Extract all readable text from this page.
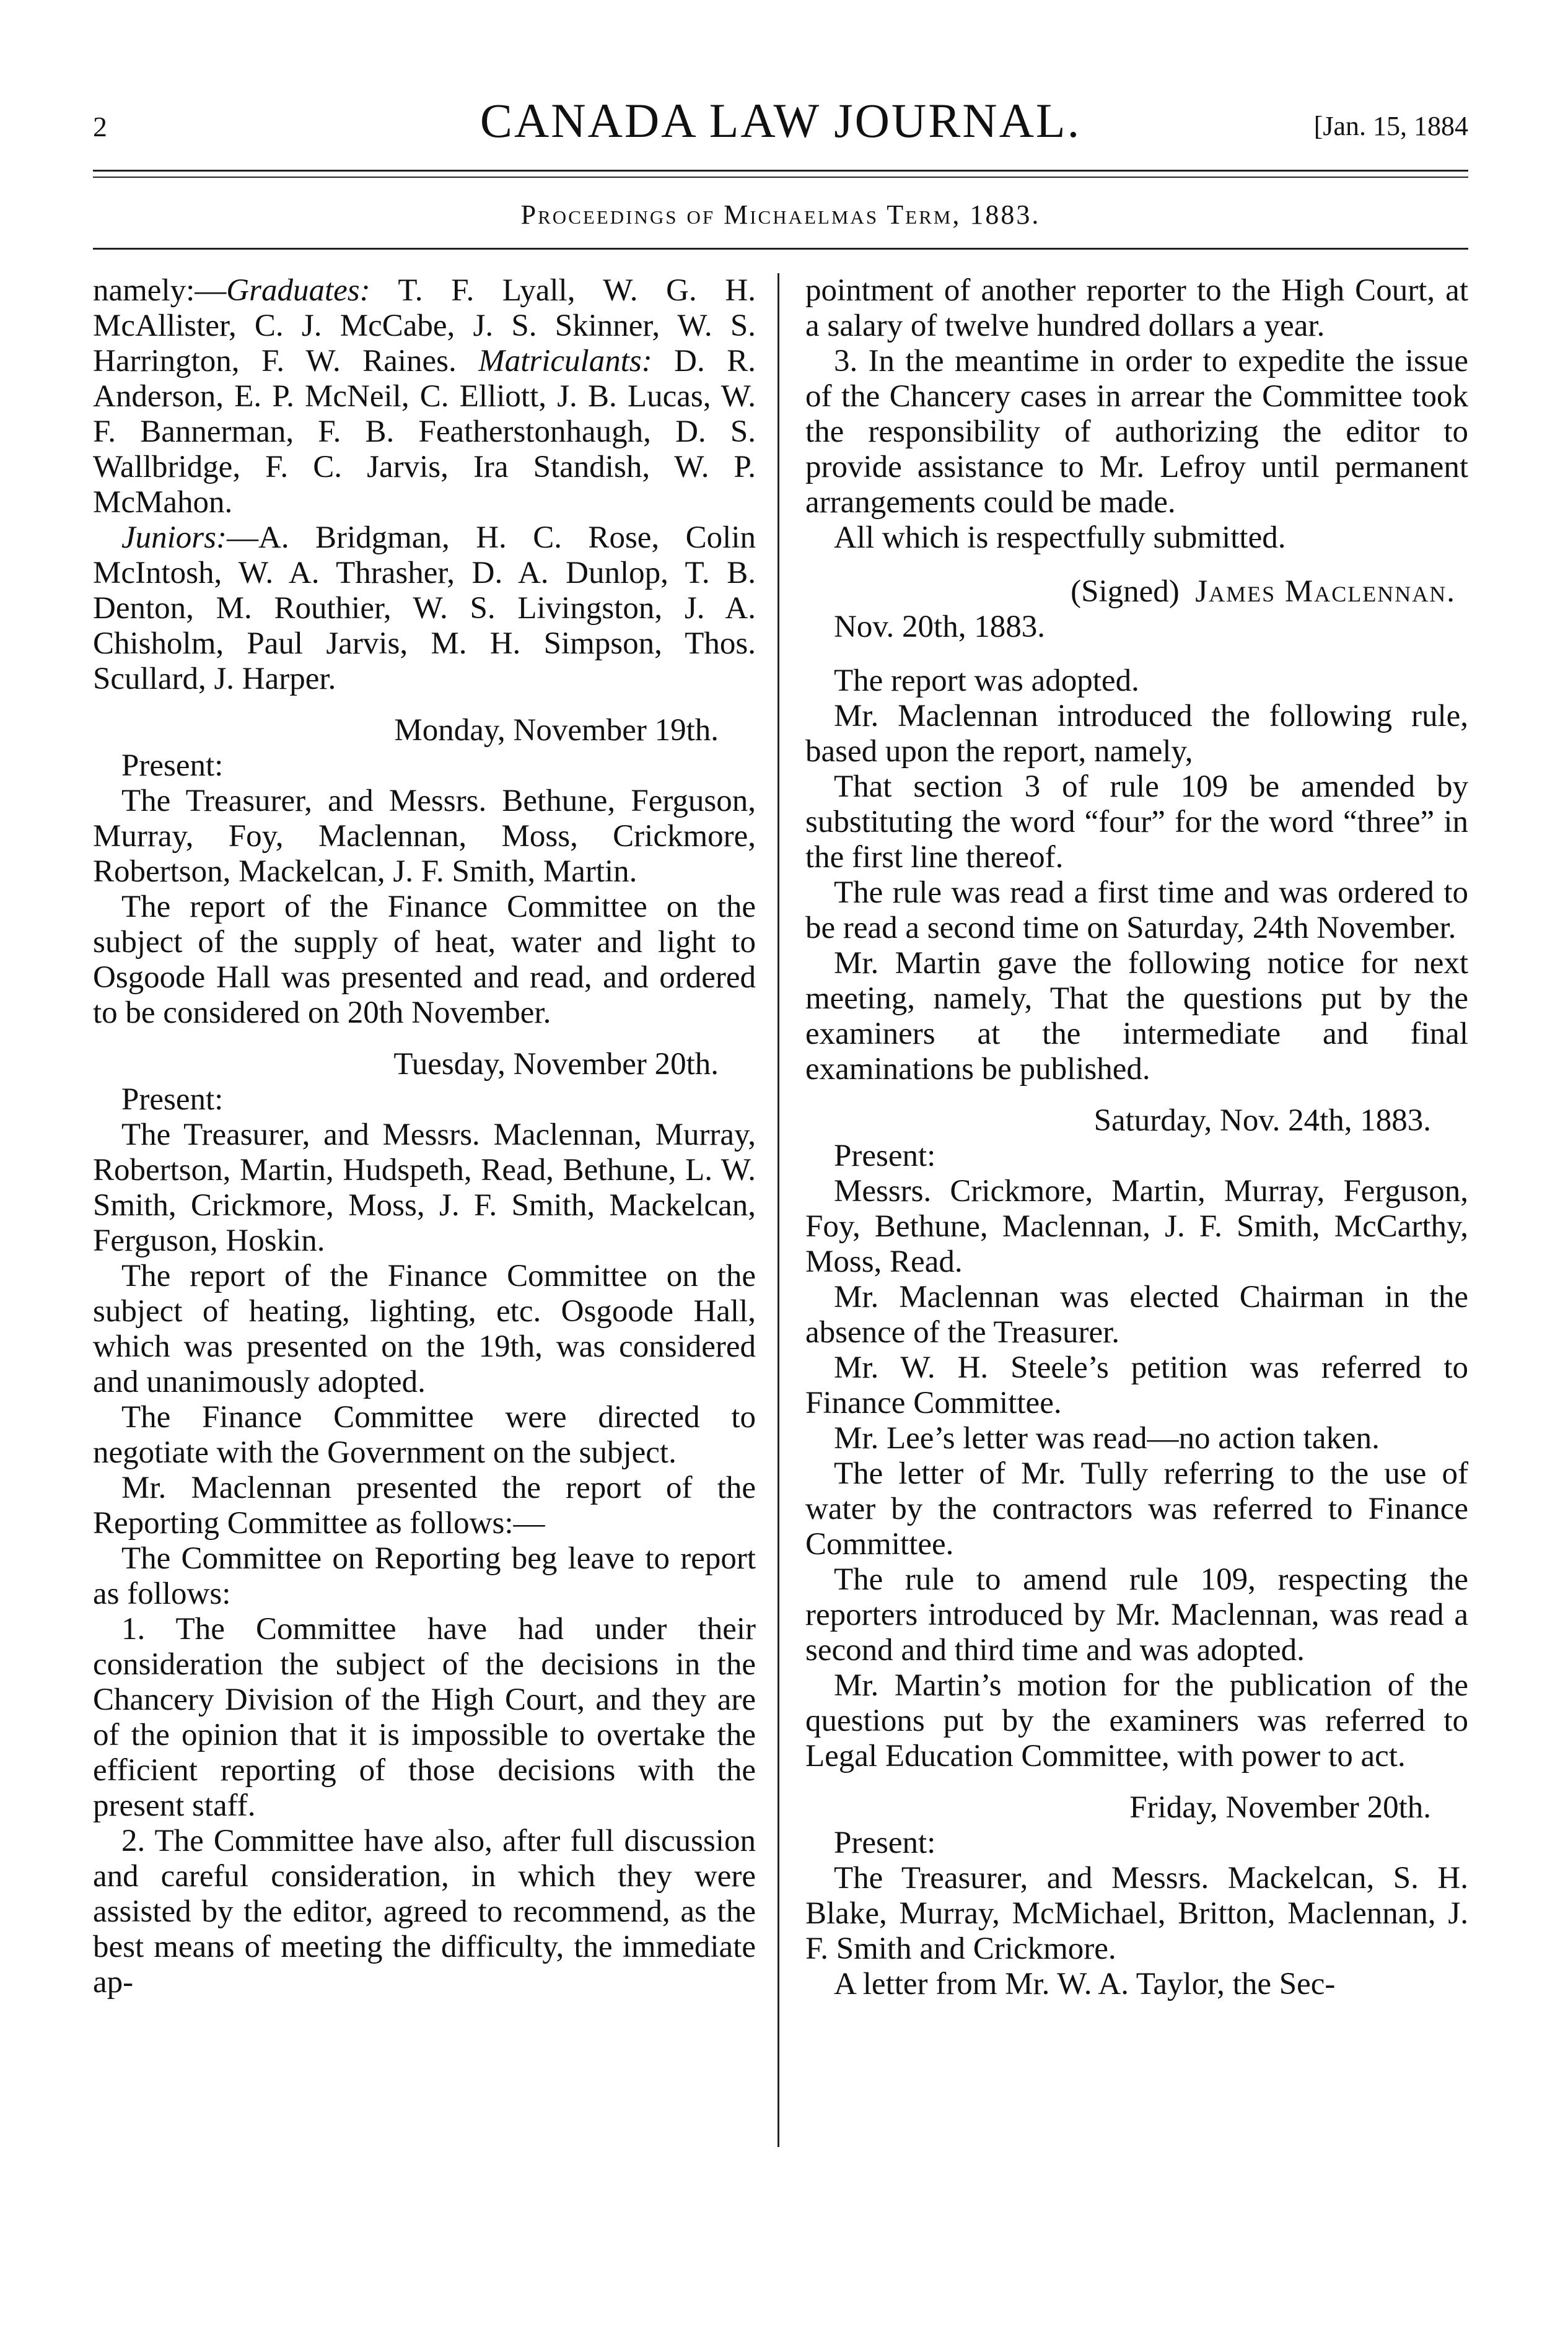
2	CANADA LAW JOURNAL.	[Jan. 15, 1884
Proceedings of Michaelmas Term, 1883.

namely:—Graduates: T. F. Lyall, W. G. H. McAllister, C. J. McCabe, J. S. Skinner, W. S. Harrington, F. W. Raines. Matriculants: D. R. Anderson, E. P. McNeil, C. Elliott, J. B. Lucas, W. F. Bannerman, F. B. Featherstonhaugh, D. S. Wallbridge, F. C. Jarvis, Ira Standish, W. P. McMahon.

Juniors:—A. Bridgman, H. C. Rose, Colin McIntosh, W. A. Thrasher, D. A. Dunlop, T. B. Denton, M. Routhier, W. S. Livingston, J. A. Chisholm, Paul Jarvis, M. H. Simpson, Thos. Scullard, J. Harper.

Monday, November 19th.

Present:

The Treasurer, and Messrs. Bethune, Ferguson, Murray, Foy, Maclennan, Moss, Crickmore, Robertson, Mackelcan, J. F. Smith, Martin.

The report of the Finance Committee on the subject of the supply of heat, water and light to Osgoode Hall was presented and read, and ordered to be considered on 20th November.

Tuesday, November 20th.

Present:

The Treasurer, and Messrs. Maclennan, Murray, Robertson, Martin, Hudspeth, Read, Bethune, L. W. Smith, Crickmore, Moss, J. F. Smith, Mackelcan, Ferguson, Hoskin.

The report of the Finance Committee on the subject of heating, lighting, etc. Osgoode Hall, which was presented on the 19th, was considered and unanimously adopted.

The Finance Committee were directed to negotiate with the Government on the subject.

Mr. Maclennan presented the report of the Reporting Committee as follows:—

The Committee on Reporting beg leave to report as follows:

1. The Committee have had under their consideration the subject of the decisions in the Chancery Division of the High Court, and they are of the opinion that it is impossible to overtake the efficient reporting of those decisions with the present staff.

2. The Committee have also, after full discussion and careful consideration, in which they were assisted by the editor, agreed to recommend, as the best means of meeting the difficulty, the immediate ap-

pointment of another reporter to the High Court, at a salary of twelve hundred dollars a year.

3. In the meantime in order to expedite the issue of the Chancery cases in arrear the Committee took the responsibility of authorizing the editor to provide assistance to Mr. Lefroy until permanent arrangements could be made.

All which is respectfully submitted.

(Signed) James Maclennan.

Nov. 20th, 1883.

The report was adopted.

Mr. Maclennan introduced the following rule, based upon the report, namely,

That section 3 of rule 109 be amended by substituting the word “four” for the word “three” in the first line thereof.

The rule was read a first time and was ordered to be read a second time on Saturday, 24th November.

Mr. Martin gave the following notice for next meeting, namely, That the questions put by the examiners at the intermediate and final examinations be published.

Saturday, Nov. 24th, 1883.

Present:

Messrs. Crickmore, Martin, Murray, Ferguson, Foy, Bethune, Maclennan, J. F. Smith, McCarthy, Moss, Read.

Mr. Maclennan was elected Chairman in the absence of the Treasurer.

Mr. W. H. Steele’s petition was referred to Finance Committee.

Mr. Lee’s letter was read—no action taken.

The letter of Mr. Tully referring to the use of water by the contractors was referred to Finance Committee.

The rule to amend rule 109, respecting the reporters introduced by Mr. Maclennan, was read a second and third time and was adopted.

Mr. Martin’s motion for the publication of the questions put by the examiners was referred to Legal Education Committee, with power to act.

Friday, November 20th.

Present:

The Treasurer, and Messrs. Mackelcan, S. H. Blake, Murray, McMichael, Britton, Maclennan, J. F. Smith and Crickmore.

A letter from Mr. W. A. Taylor, the Sec-
